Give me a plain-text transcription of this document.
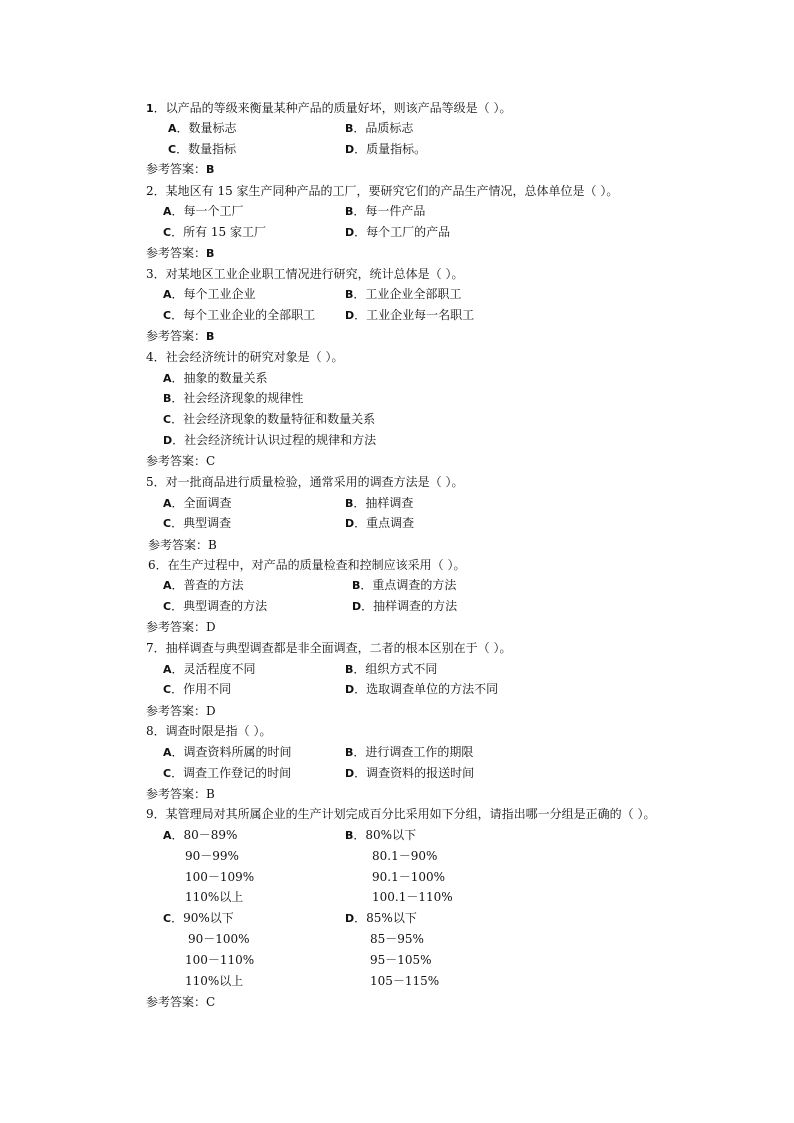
1．以产品的等级来衡量某种产品的质量好坏，则该产品等级是（ ）。
A．数量标志	B．品质标志
C．数量指标	D．质量指标。
参考答案：B
2．某地区有 15 家生产同种产品的工厂，要研究它们的产品生产情况，总体单位是（ ）。
A．每一个工厂	B．每一件产品
C．所有 15 家工厂	D．每个工厂的产品
参考答案：B
3．对某地区工业企业职工情况进行研究，统计总体是（ ）。
A．每个工业企业	B．工业企业全部职工
C．每个工业企业的全部职工	D．工业企业每一名职工
参考答案：B
4．社会经济统计的研究对象是（ ）。
A．抽象的数量关系
B．社会经济现象的规律性
C．社会经济现象的数量特征和数量关系
D．社会经济统计认识过程的规律和方法
参考答案：C
5．对一批商品进行质量检验，通常采用的调查方法是（ ）。
A．全面调查	B．抽样调查
C．典型调查	D．重点调查
参考答案：B
6．在生产过程中，对产品的质量检查和控制应该采用（ ）。
A．普查的方法	B．重点调查的方法
C．典型调查的方法	D．抽样调查的方法
参考答案：D
7．抽样调查与典型调查都是非全面调查，二者的根本区别在于（ ）。
A．灵活程度不同	B．组织方式不同
C．作用不同	D．选取调查单位的方法不同
参考答案：D
8．调查时限是指（ ）。
A．调查资料所属的时间	B．进行调查工作的期限
C．调查工作登记的时间	D．调查资料的报送时间
参考答案：B
9．某管理局对其所属企业的生产计划完成百分比采用如下分组，请指出哪一分组是正确的（ ）。
A．80－89%
90－99%
100－109%
110%以上
B．80%以下
80.1－90%
90.1－100%
100.1－110%
C．90%以下
90－100%
100－110%
110%以上
D．85%以下
85－95%
95－105%
105－115%
参考答案：C
